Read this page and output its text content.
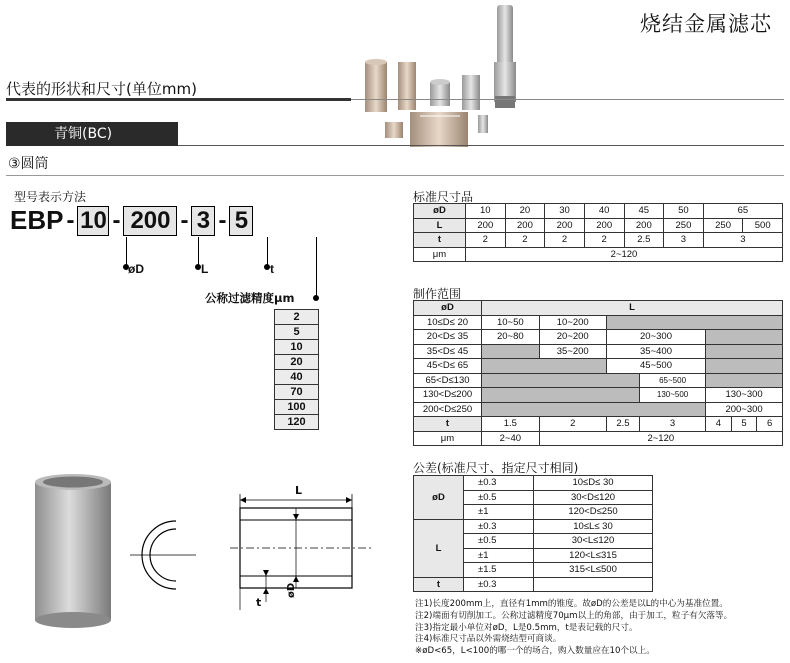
烧结金属滤芯
代表的形状和尺寸(单位mm)
青铜(BC)
③圆筒
型号表示方法
EBP - 10 - 200 - 3 - 5
øD	L	t
公称过滤精度μm
2
5
10
20
40
70
100
120
标准尺寸品
øD	10	20	30	40	45	50	65	
L	200	200	200	200	200	250	250	500
t	2	2	2	2	2.5	3	3	
μm	2~120							
制作范围
øD	L						
10≤D≤ 20	10~50	10~200					
20<D≤ 35	20~80	20~200	20~300				
35<D≤ 45		35~200	35~400				
45<D≤ 65			45~500				
65<D≤130				65~500			
130<D≤200				130~500	130~300		
200<D≤250					200~300		
t	1.5	2	2.5	3	4	5	6
μm	2~40	2~120					
公差(标准尺寸、指定尺寸相同)
øD	±0.3	10≤D≤ 30
	±0.5	30<D≤120
	±1	120<D≤250
L	±0.3	10≤L≤ 30
	±0.5	30<L≤120
	±1	120<L≤315
	±1.5	315<L≤500
t	±0.3	
注1)长度200mm上，直径有1mm的锥度。故øD的公差是以L的中心为基准位置。
注2)端面有切削加工。公称过滤精度70μm以上的角部，由于加工，粒子有欠落等。
注3)指定最小单位对øD，L是0.5mm，t是表记载的尺寸。
注4)标准尺寸品以外需烧结型可商谈。
※øD<65，L<100的哪一个的场合，购入数量应在10个以上。
L
t
øD
